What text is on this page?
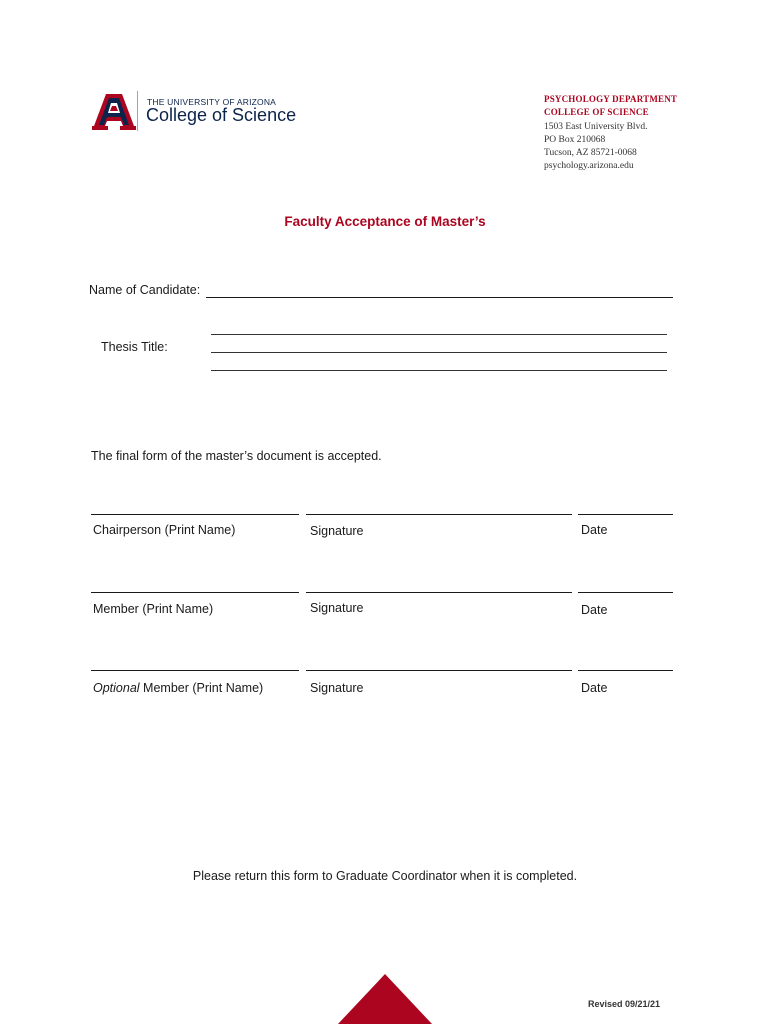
THE UNIVERSITY OF ARIZONA
College of Science
PSYCHOLOGY DEPARTMENT
COLLEGE OF SCIENCE
1503 East University Blvd.
PO Box 210068
Tucson, AZ 85721-0068
psychology.arizona.edu
Faculty Acceptance of Master’s
Name of Candidate:
Thesis Title:
The final form of the master’s document is accepted.
Chairperson (Print Name)	Signature	Date
Member (Print Name)	Signature	Date
Optional Member (Print Name)	Signature	Date
Please return this form to Graduate Coordinator when it is completed.
Revised 09/21/21
